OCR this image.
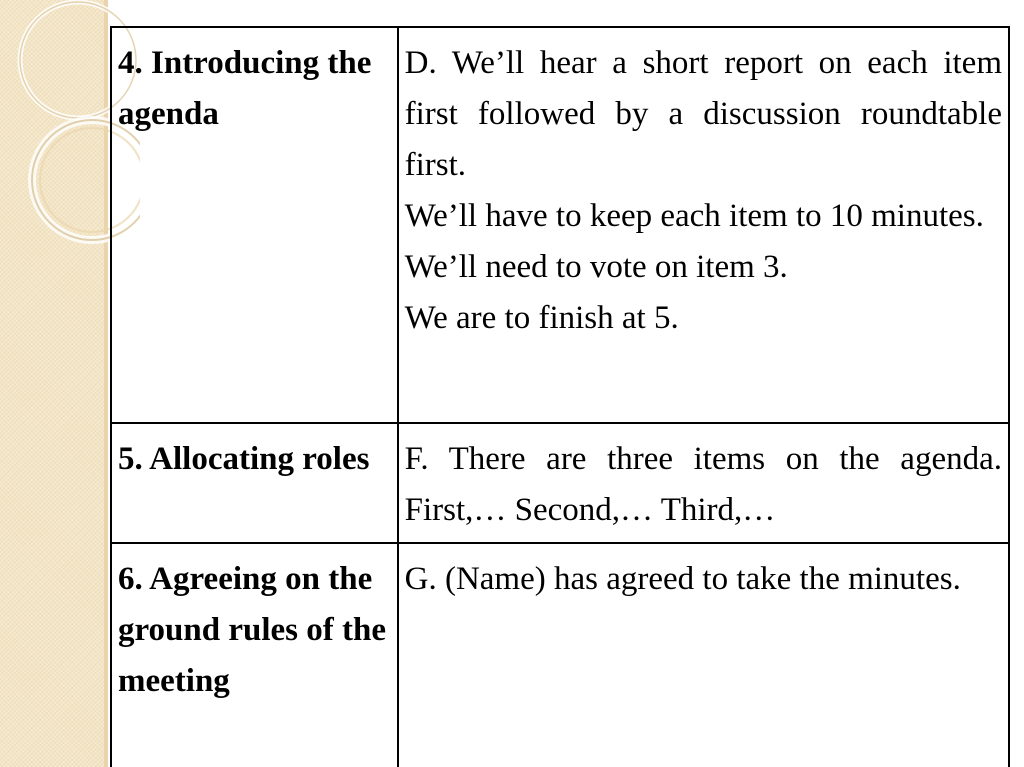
4. Introducing the agenda	D. We’ll hear a short report on each item first followed by a discussion roundtable first.
We’ll have to keep each item to 10 minutes.
We’ll need to vote on item 3.
We are to finish at 5.

5. Allocating roles	F. There are three items on the agenda. First,… Second,… Third,…

6. Agreeing on the ground rules of the meeting	G. (Name) has agreed to take the minutes.
